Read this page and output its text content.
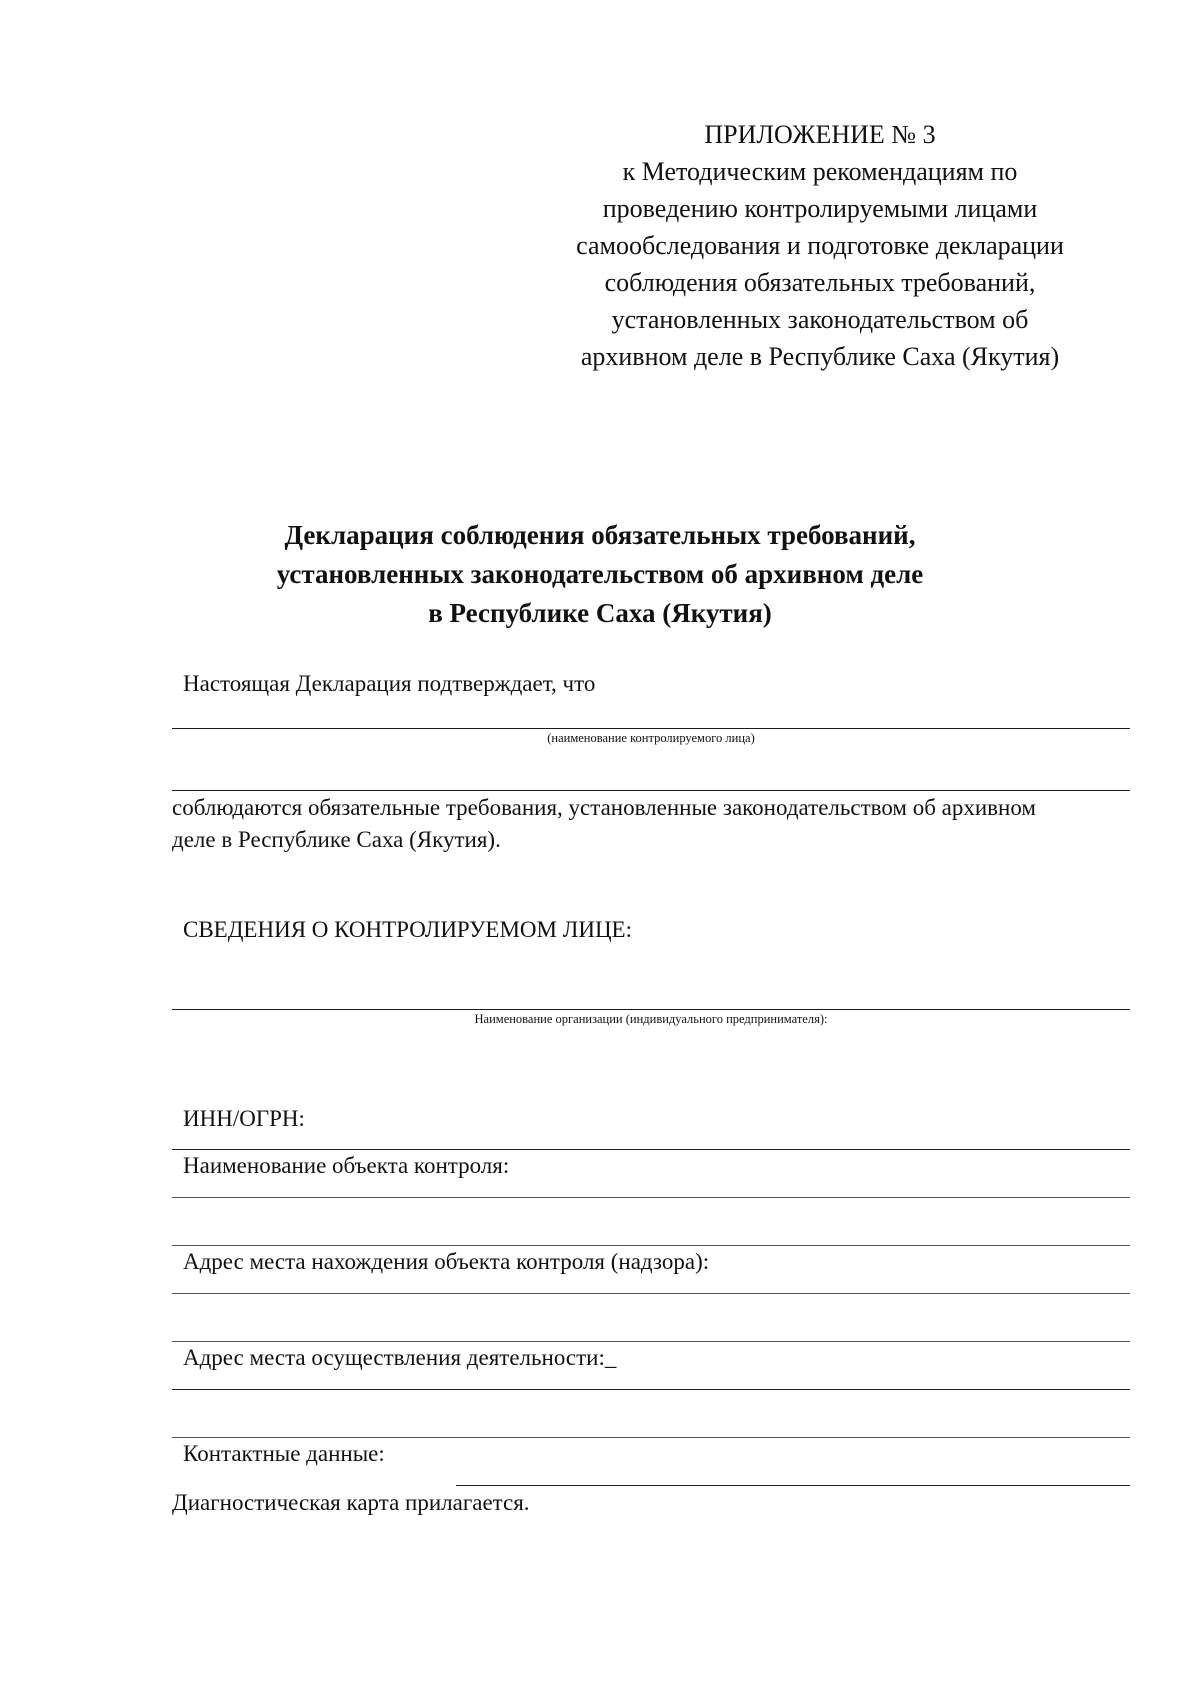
ПРИЛОЖЕНИЕ № 3
к Методическим рекомендациям по
проведению контролируемыми лицами
самообследования и подготовке декларации
соблюдения обязательных требований,
установленных законодательством об
архивном деле в Республике Саха (Якутия)
Декларация соблюдения обязательных требований,
установленных законодательством об архивном деле
в Республике Саха (Якутия)
Настоящая Декларация подтверждает, что
(наименование контролируемого лица)
соблюдаются обязательные требования, установленные законодательством об архивном
деле в Республике Саха (Якутия).
СВЕДЕНИЯ О КОНТРОЛИРУЕМОМ ЛИЦЕ:
Наименование организации (индивидуального предпринимателя):
ИНН/ОГРН:
Наименование объекта контроля:
Адрес места нахождения объекта контроля (надзора):
Адрес места осуществления деятельности:_
Контактные данные:
Диагностическая карта прилагается.
